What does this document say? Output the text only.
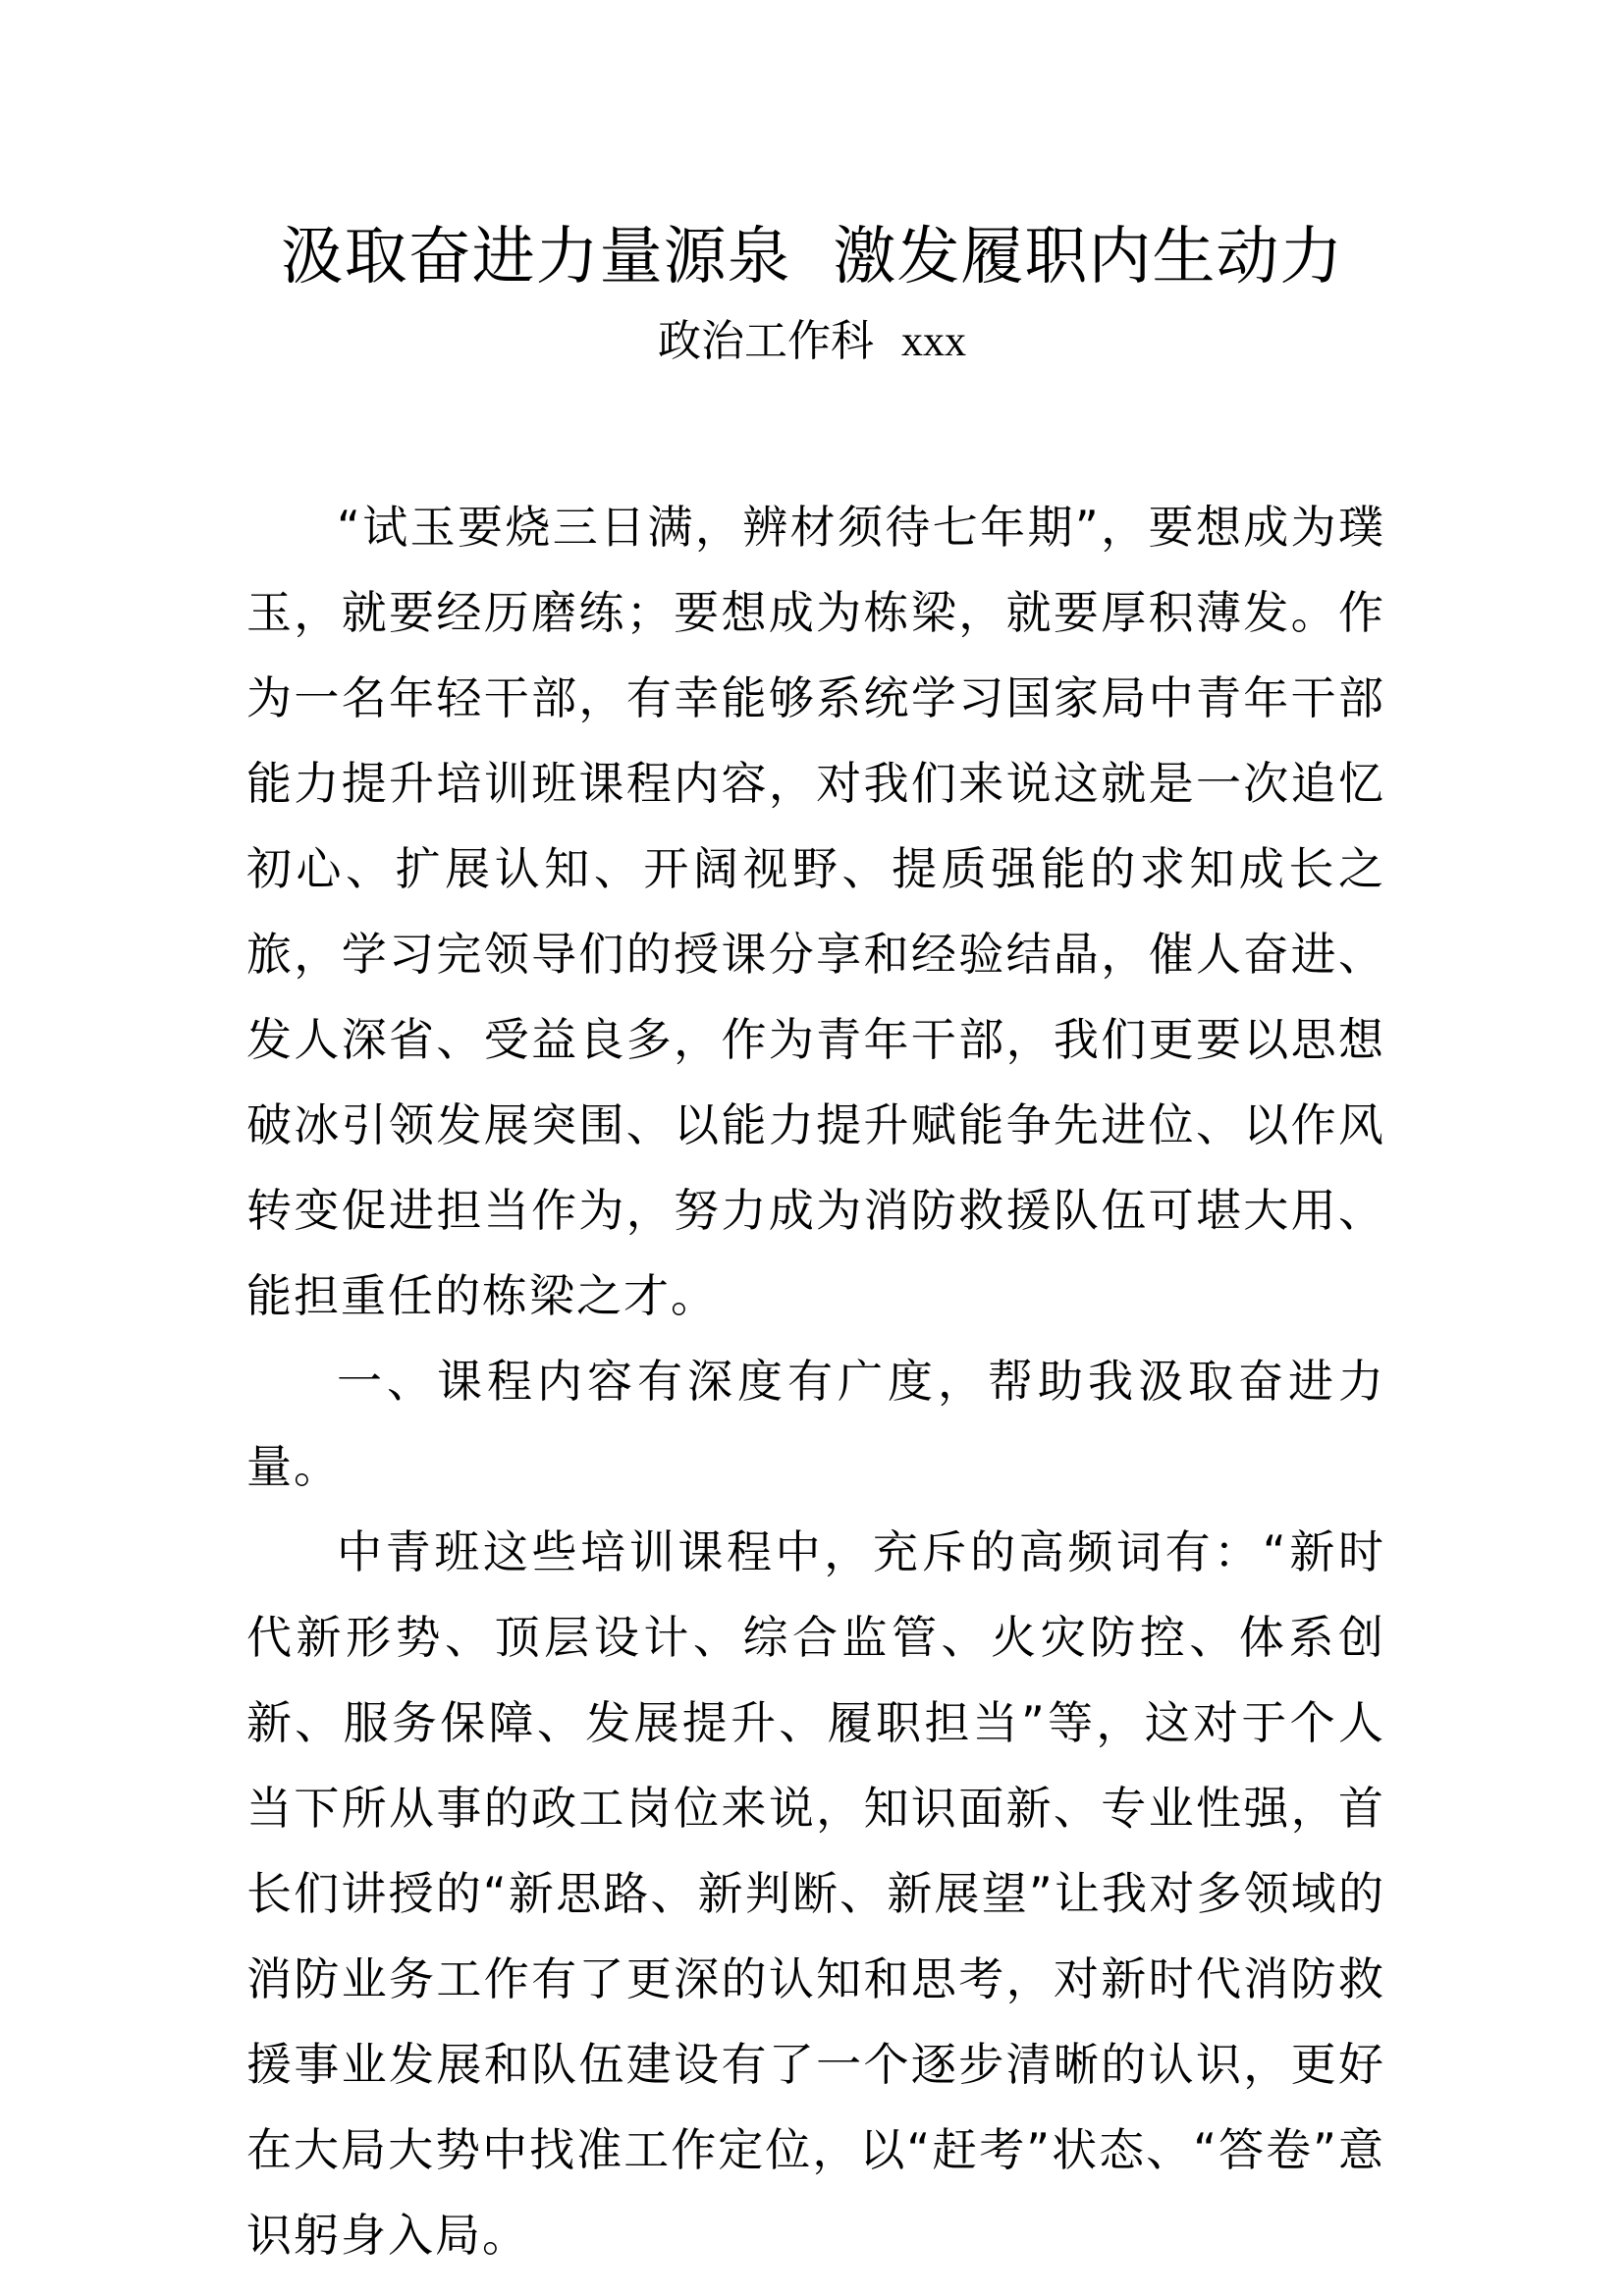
汲取奋进力量源泉  激发履职内生动力
政治工作科 xxx

“试玉要烧三日满，辨材须待七年期”，要想成为璞玉，就要经历磨练；要想成为栋梁，就要厚积薄发。作为一名年轻干部，有幸能够系统学习国家局中青年干部能力提升培训班课程内容，对我们来说这就是一次追忆初心、扩展认知、开阔视野、提质强能的求知成长之旅，学习完领导们的授课分享和经验结晶，催人奋进、发人深省、受益良多，作为青年干部，我们更要以思想破冰引领发展突围、以能力提升赋能争先进位、以作风转变促进担当作为，努力成为消防救援队伍可堪大用、能担重任的栋梁之才。

一、课程内容有深度有广度，帮助我汲取奋进力量。

中青班这些培训课程中，充斥的高频词有：“新时代新形势、顶层设计、综合监管、火灾防控、体系创新、服务保障、发展提升、履职担当”等，这对于个人当下所从事的政工岗位来说，知识面新、专业性强，首长们讲授的“新思路、新判断、新展望”让我对多领域的消防业务工作有了更深的认知和思考，对新时代消防救援事业发展和队伍建设有了一个逐步清晰的认识，更好在大局大势中找准工作定位，以“赶考”状态、“答卷”意识躬身入局。
